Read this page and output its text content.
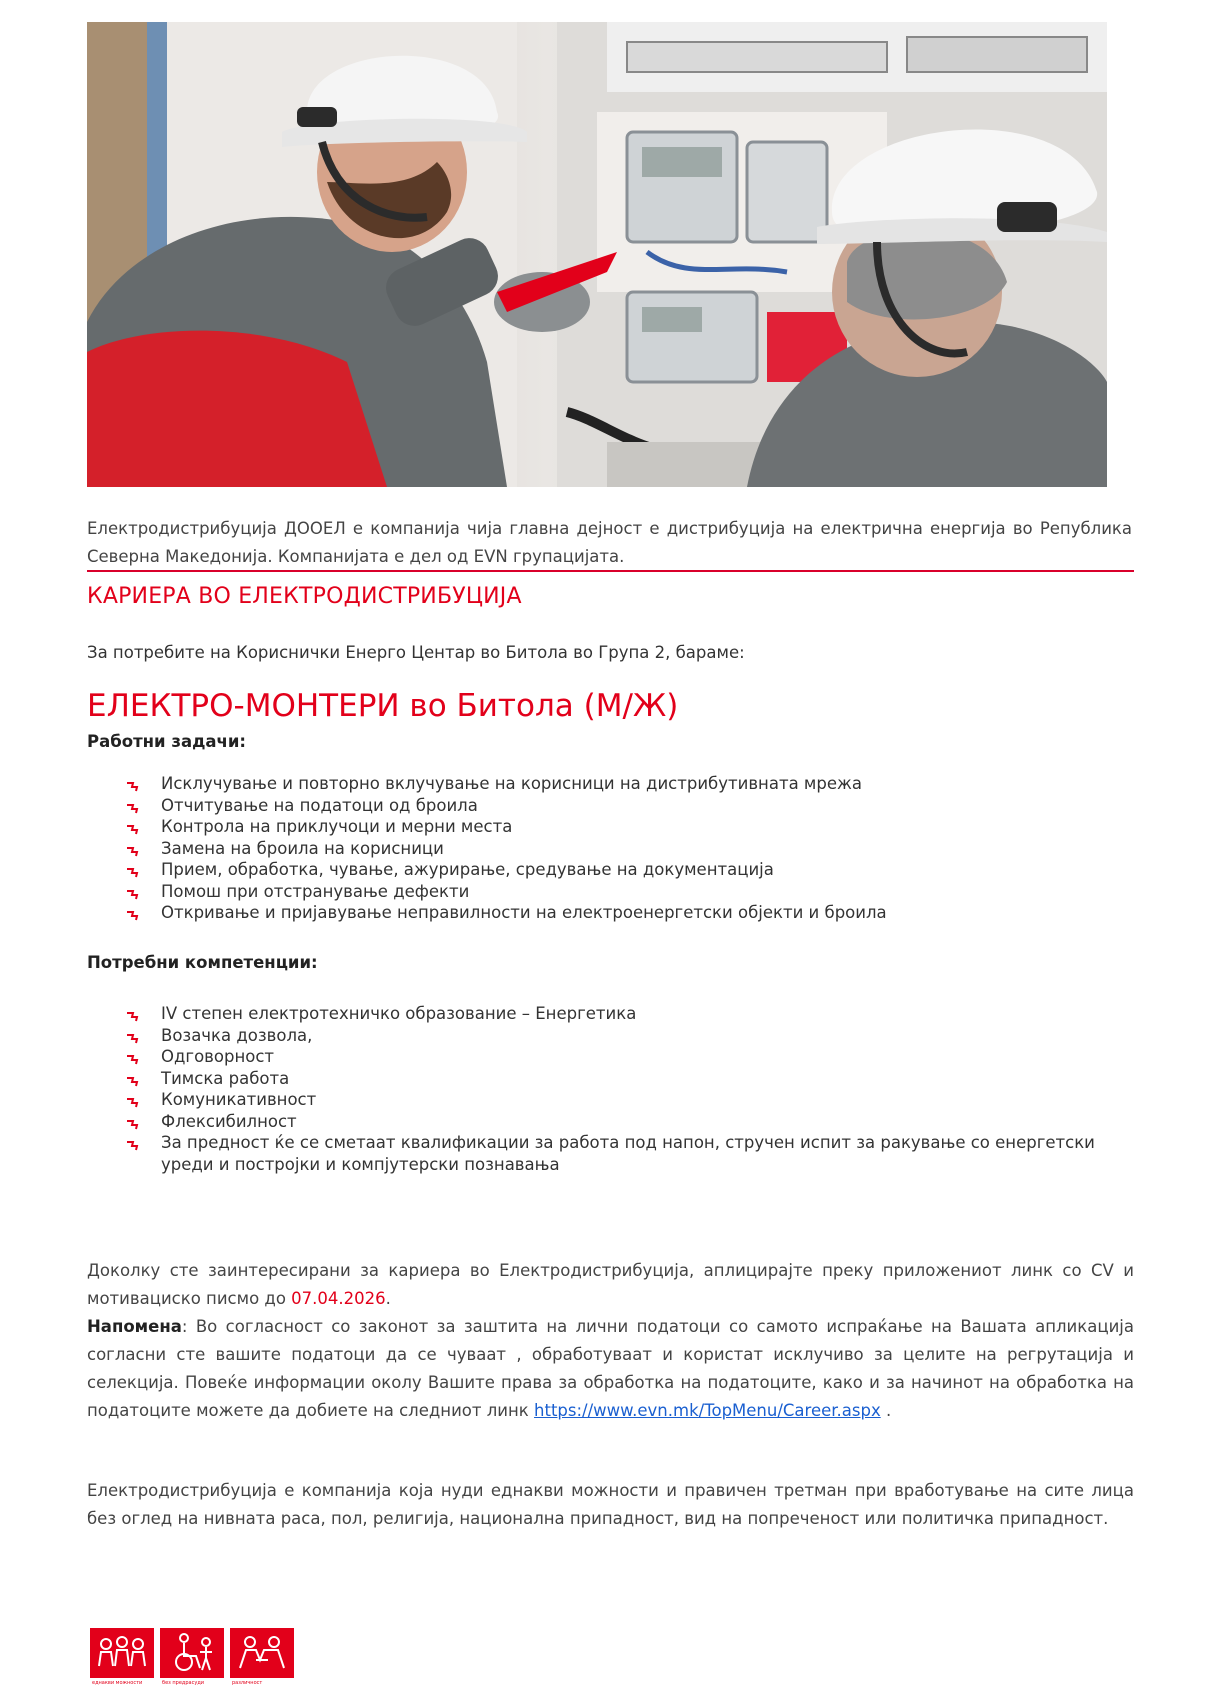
Електродистрибуција ДООЕЛ е компанија чија главна дејност е дистрибуција на електрична енергија во Република Северна Македонија. Компанијата е дел од EVN групацијата.
КАРИЕРА ВО ЕЛЕКТРОДИСТРИБУЦИЈА
За потребите на Кориснички Енерго Центар во Битола во Група 2, бараме:
ЕЛЕКТРО-МОНТЕРИ во Битола (М/Ж)
Работни задачи:
Исклучување и повторно вклучување на корисници на дистрибутивната мрежа
Отчитување на податоци од броила
Контрола на приклучоци и мерни места
Замена на броила на корисници
Прием, обработка, чување, ажурирање, средување на документација
Помош при отстранување дефекти
Откривање и пријавување неправилности на електроенергетски објекти и броила
Потребни компетенции:
IV степен електротехничко образование – Енергетика
Возачка дозвола,
Одговорност
Тимска работа
Комуникативност
Флексибилност
За предност ќе се сметаат квалификации за работа под напон, стручен испит за ракување со енергетски уреди и постројки и компјутерски познавања
Доколку сте заинтересирани за кариера во Електродистрибуција, аплицирајте преку приложениот линк со CV и мотивациско писмо до 07.04.2026.
Напомена: Во согласност со законот за заштита на лични податоци со самото испраќање на Вашата апликација согласни сте вашите податоци да се чуваат , обработуваат и користат исклучиво за целите на регрутација и селекција. Повеќе информации околу Вашите права за обработка на податоците, како и за начинот на обработка на податоците можете да добиете на следниот линк https://www.evn.mk/TopMenu/Career.aspx .
Електродистрибуција е компанија која нуди еднакви можности и правичен третман при вработување на сите лица без оглед на нивната раса, пол, религија, национална припадност, вид на попреченост или политичка припадност.
еднакви можности	без предрасуди	различност
